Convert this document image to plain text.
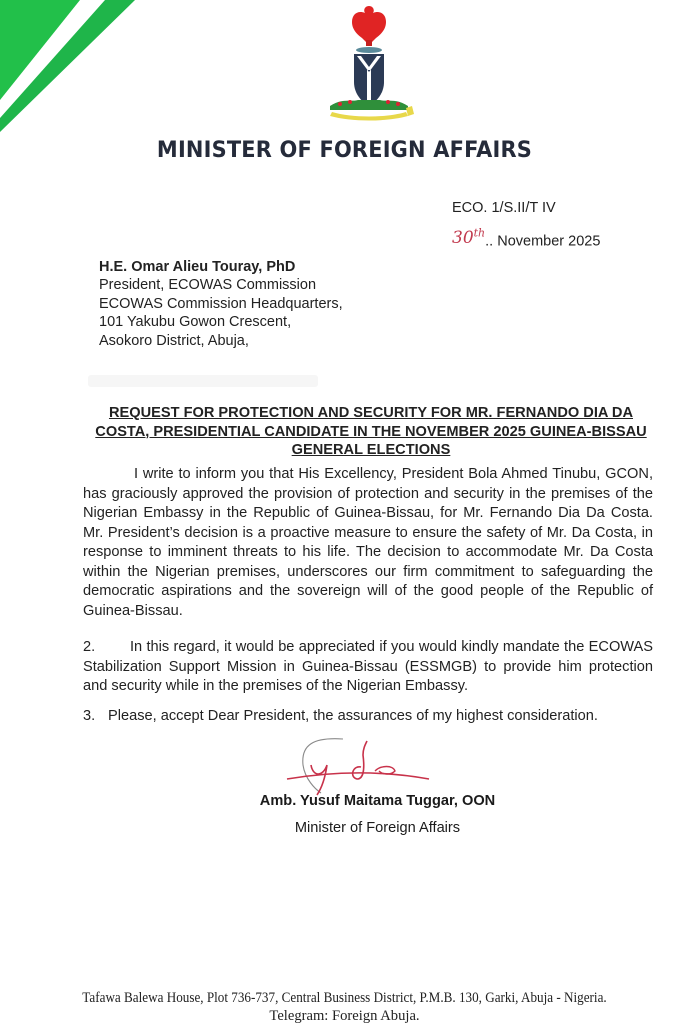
MINISTER OF FOREIGN AFFAIRS
ECO. 1/S.II/T IV
30th.. November 2025
H.E. Omar Alieu Touray, PhD
President, ECOWAS Commission
ECOWAS Commission Headquarters,
101 Yakubu Gowon Crescent,
Asokoro District, Abuja,
REQUEST FOR PROTECTION AND SECURITY FOR MR. FERNANDO DIA DA COSTA, PRESIDENTIAL CANDIDATE IN THE NOVEMBER 2025 GUINEA-BISSAU GENERAL ELECTIONS
I write to inform you that His Excellency, President Bola Ahmed Tinubu, GCON, has graciously approved the provision of protection and security in the premises of the Nigerian Embassy in the Republic of Guinea-Bissau, for Mr. Fernando Dia Da Costa. Mr. President’s decision is a proactive measure to ensure the safety of Mr. Da Costa, in response to imminent threats to his life. The decision to accommodate Mr. Da Costa within the Nigerian premises, underscores our firm commitment to safeguarding the democratic aspirations and the sovereign will of the good people of the Republic of Guinea-Bissau.
2. In this regard, it would be appreciated if you would kindly mandate the ECOWAS Stabilization Support Mission in Guinea-Bissau (ESSMGB) to provide him protection and security while in the premises of the Nigerian Embassy.
3. Please, accept Dear President, the assurances of my highest consideration.
Amb. Yusuf Maitama Tuggar, OON
Minister of Foreign Affairs
Tafawa Balewa House, Plot 736-737, Central Business District, P.M.B. 130, Garki, Abuja - Nigeria.
Telegram: Foreign Abuja.
